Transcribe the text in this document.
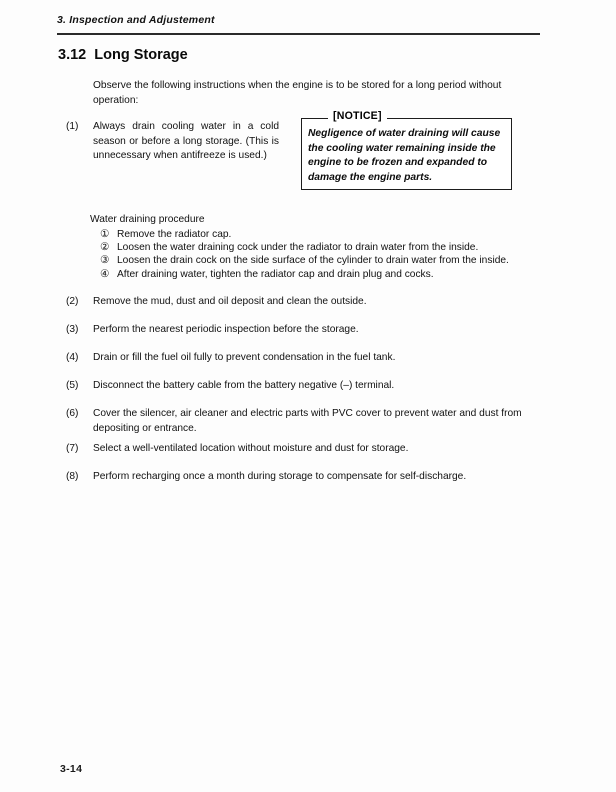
3. Inspection and Adjustement
3.12  Long Storage
Observe the following instructions when the engine is to be stored for a long period without operation:
(1)	Always drain cooling water in a cold season or before a long storage. (This is unnecessary when antifreeze is used.)
[NOTICE]
Negligence of water draining will cause the cooling water remaining inside the engine to be frozen and expanded to damage the engine parts.
Water draining procedure
① Remove the radiator cap.
② Loosen the water draining cock under the radiator to drain water from the inside.
③ Loosen the drain cock on the side surface of the cylinder to drain water from the inside.
④ After draining water, tighten the radiator cap and drain plug and cocks.
(2)	Remove the mud, dust and oil deposit and clean the outside.
(3)	Perform the nearest periodic inspection before the storage.
(4)	Drain or fill the fuel oil fully to prevent condensation in the fuel tank.
(5)	Disconnect the battery cable from the battery negative (–) terminal.
(6)	Cover the silencer, air cleaner and electric parts with PVC cover to prevent water and dust from depositing or entrance.
(7)	Select a well-ventilated location without moisture and dust for storage.
(8)	Perform recharging once a month during storage to compensate for self-discharge.
3-14
